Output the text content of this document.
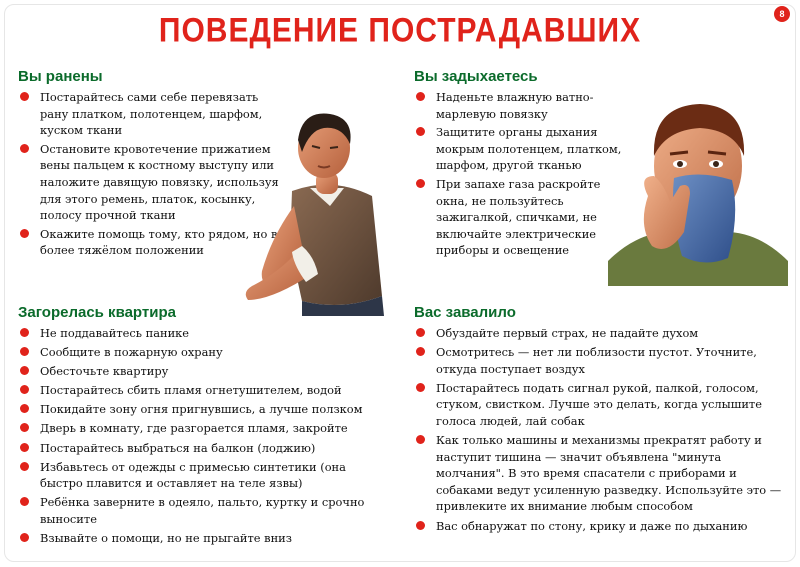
ПОВЕДЕНИЕ ПОСТРАДАВШИХ	8
Вы ранены
Постарайтесь сами себе перевязать рану платком, полотенцем, шарфом, куском ткани
Остановите кровотечение прижатием вены пальцем к костному выступу или наложите давящую повязку, используя для этого ремень, платок, косынку, полосу прочной ткани
Окажите помощь тому, кто рядом, но в более тяжёлом положении
Вы задыхаетесь
Наденьте влажную ватно-марлевую повязку
Защитите органы дыхания мокрым полотенцем, платком, шарфом, другой тканью
При запахе газа раскройте окна, не пользуйтесь зажигалкой, спичками, не включайте электрические приборы и освещение
Загорелась квартира
Не поддавайтесь панике
Сообщите в пожарную охрану
Обесточьте квартиру
Постарайтесь сбить пламя огнетушителем, водой
Покидайте зону огня пригнувшись, а лучше ползком
Дверь в комнату, где разгорается пламя, закройте
Постарайтесь выбраться на балкон (лоджию)
Избавьтесь от одежды с примесью синтетики (она быстро плавится и оставляет на теле язвы)
Ребёнка заверните в одеяло, пальто, куртку и срочно выносите
Взывайте о помощи, но не прыгайте вниз
Вас завалило
Обуздайте первый страх, не падайте духом
Осмотритесь — нет ли поблизости пустот. Уточните, откуда поступает воздух
Постарайтесь подать сигнал рукой, палкой, голосом, стуком, свистком. Лучше это делать, когда услышите голоса людей, лай собак
Как только машины и механизмы прекратят работу и наступит тишина — значит объявлена "минута молчания". В это время спасатели с приборами и собаками ведут усиленную разведку. Используйте это — привлеките их внимание любым способом
Вас обнаружат по стону, крику и даже по дыханию
